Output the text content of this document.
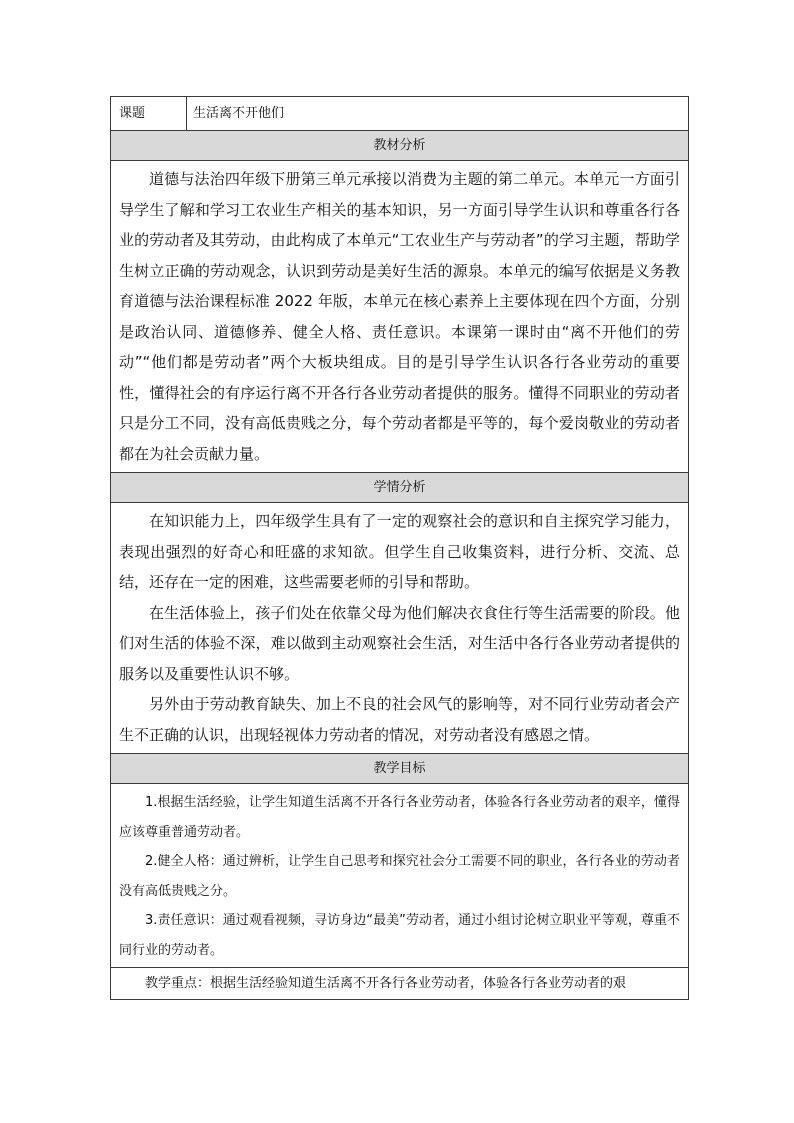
课题	生活离不开他们
教材分析

道德与法治四年级下册第三单元承接以消费为主题的第二单元。本单元一方面引导学生了解和学习工农业生产相关的基本知识，另一方面引导学生认识和尊重各行各业的劳动者及其劳动，由此构成了本单元“工农业生产与劳动者”的学习主题，帮助学生树立正确的劳动观念，认识到劳动是美好生活的源泉。本单元的编写依据是义务教育道德与法治课程标准 2022 年版，本单元在核心素养上主要体现在四个方面，分别是政治认同、道德修养、健全人格、责任意识。本课第一课时由“离不开他们的劳动”“他们都是劳动者”两个大板块组成。目的是引导学生认识各行各业劳动的重要性，懂得社会的有序运行离不开各行各业劳动者提供的服务。懂得不同职业的劳动者只是分工不同，没有高低贵贱之分，每个劳动者都是平等的，每个爱岗敬业的劳动者都在为社会贡献力量。

学情分析

在知识能力上，四年级学生具有了一定的观察社会的意识和自主探究学习能力，表现出强烈的好奇心和旺盛的求知欲。但学生自己收集资料，进行分析、交流、总结，还存在一定的困难，这些需要老师的引导和帮助。

在生活体验上，孩子们处在依靠父母为他们解决衣食住行等生活需要的阶段。他们对生活的体验不深，难以做到主动观察社会生活，对生活中各行各业劳动者提供的服务以及重要性认识不够。

另外由于劳动教育缺失、加上不良的社会风气的影响等，对不同行业劳动者会产生不正确的认识，出现轻视体力劳动者的情况，对劳动者没有感恩之情。

教学目标

1.根据生活经验，让学生知道生活离不开各行各业劳动者，体验各行各业劳动者的艰辛，懂得应该尊重普通劳动者。

2.健全人格：通过辨析，让学生自己思考和探究社会分工需要不同的职业，各行各业的劳动者没有高低贵贱之分。

3.责任意识：通过观看视频，寻访身边“最美”劳动者，通过小组讨论树立职业平等观，尊重不同行业的劳动者。

教学重点：根据生活经验知道生活离不开各行各业劳动者，体验各行各业劳动者的艰
